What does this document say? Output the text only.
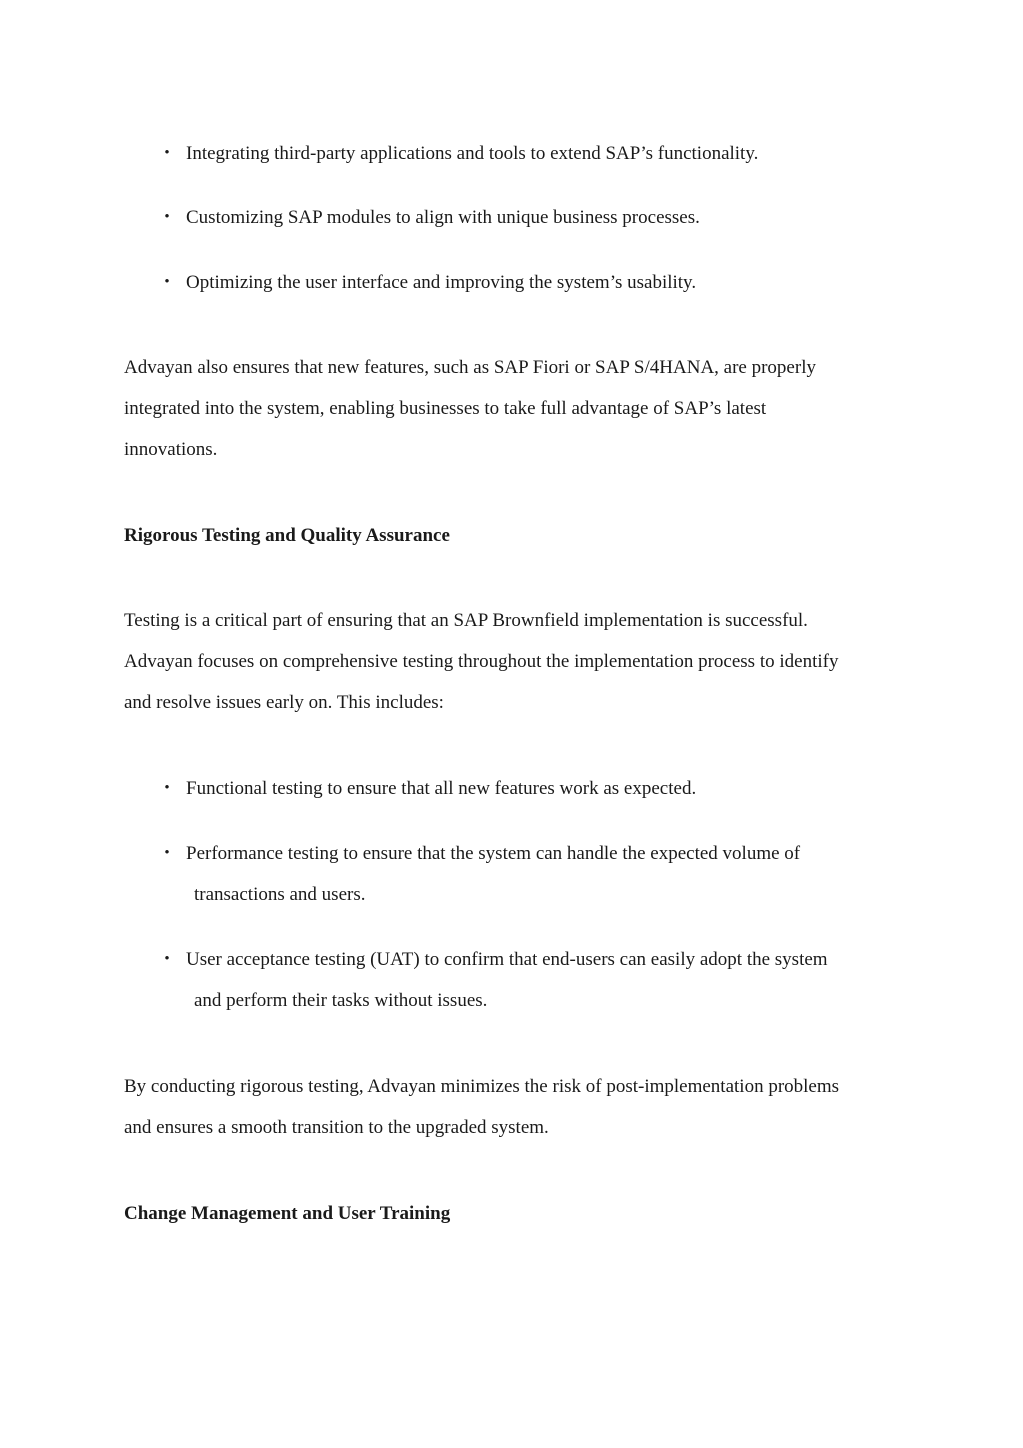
• Integrating third-party applications and tools to extend SAP’s functionality.
• Customizing SAP modules to align with unique business processes.
• Optimizing the user interface and improving the system’s usability.
Advayan also ensures that new features, such as SAP Fiori or SAP S/4HANA, are properly
integrated into the system, enabling businesses to take full advantage of SAP’s latest
innovations.
Rigorous Testing and Quality Assurance
Testing is a critical part of ensuring that an SAP Brownfield implementation is successful.
Advayan focuses on comprehensive testing throughout the implementation process to identify
and resolve issues early on. This includes:
• Functional testing to ensure that all new features work as expected.
• Performance testing to ensure that the system can handle the expected volume of
transactions and users.
• User acceptance testing (UAT) to confirm that end-users can easily adopt the system
and perform their tasks without issues.
By conducting rigorous testing, Advayan minimizes the risk of post-implementation problems
and ensures a smooth transition to the upgraded system.
Change Management and User Training
